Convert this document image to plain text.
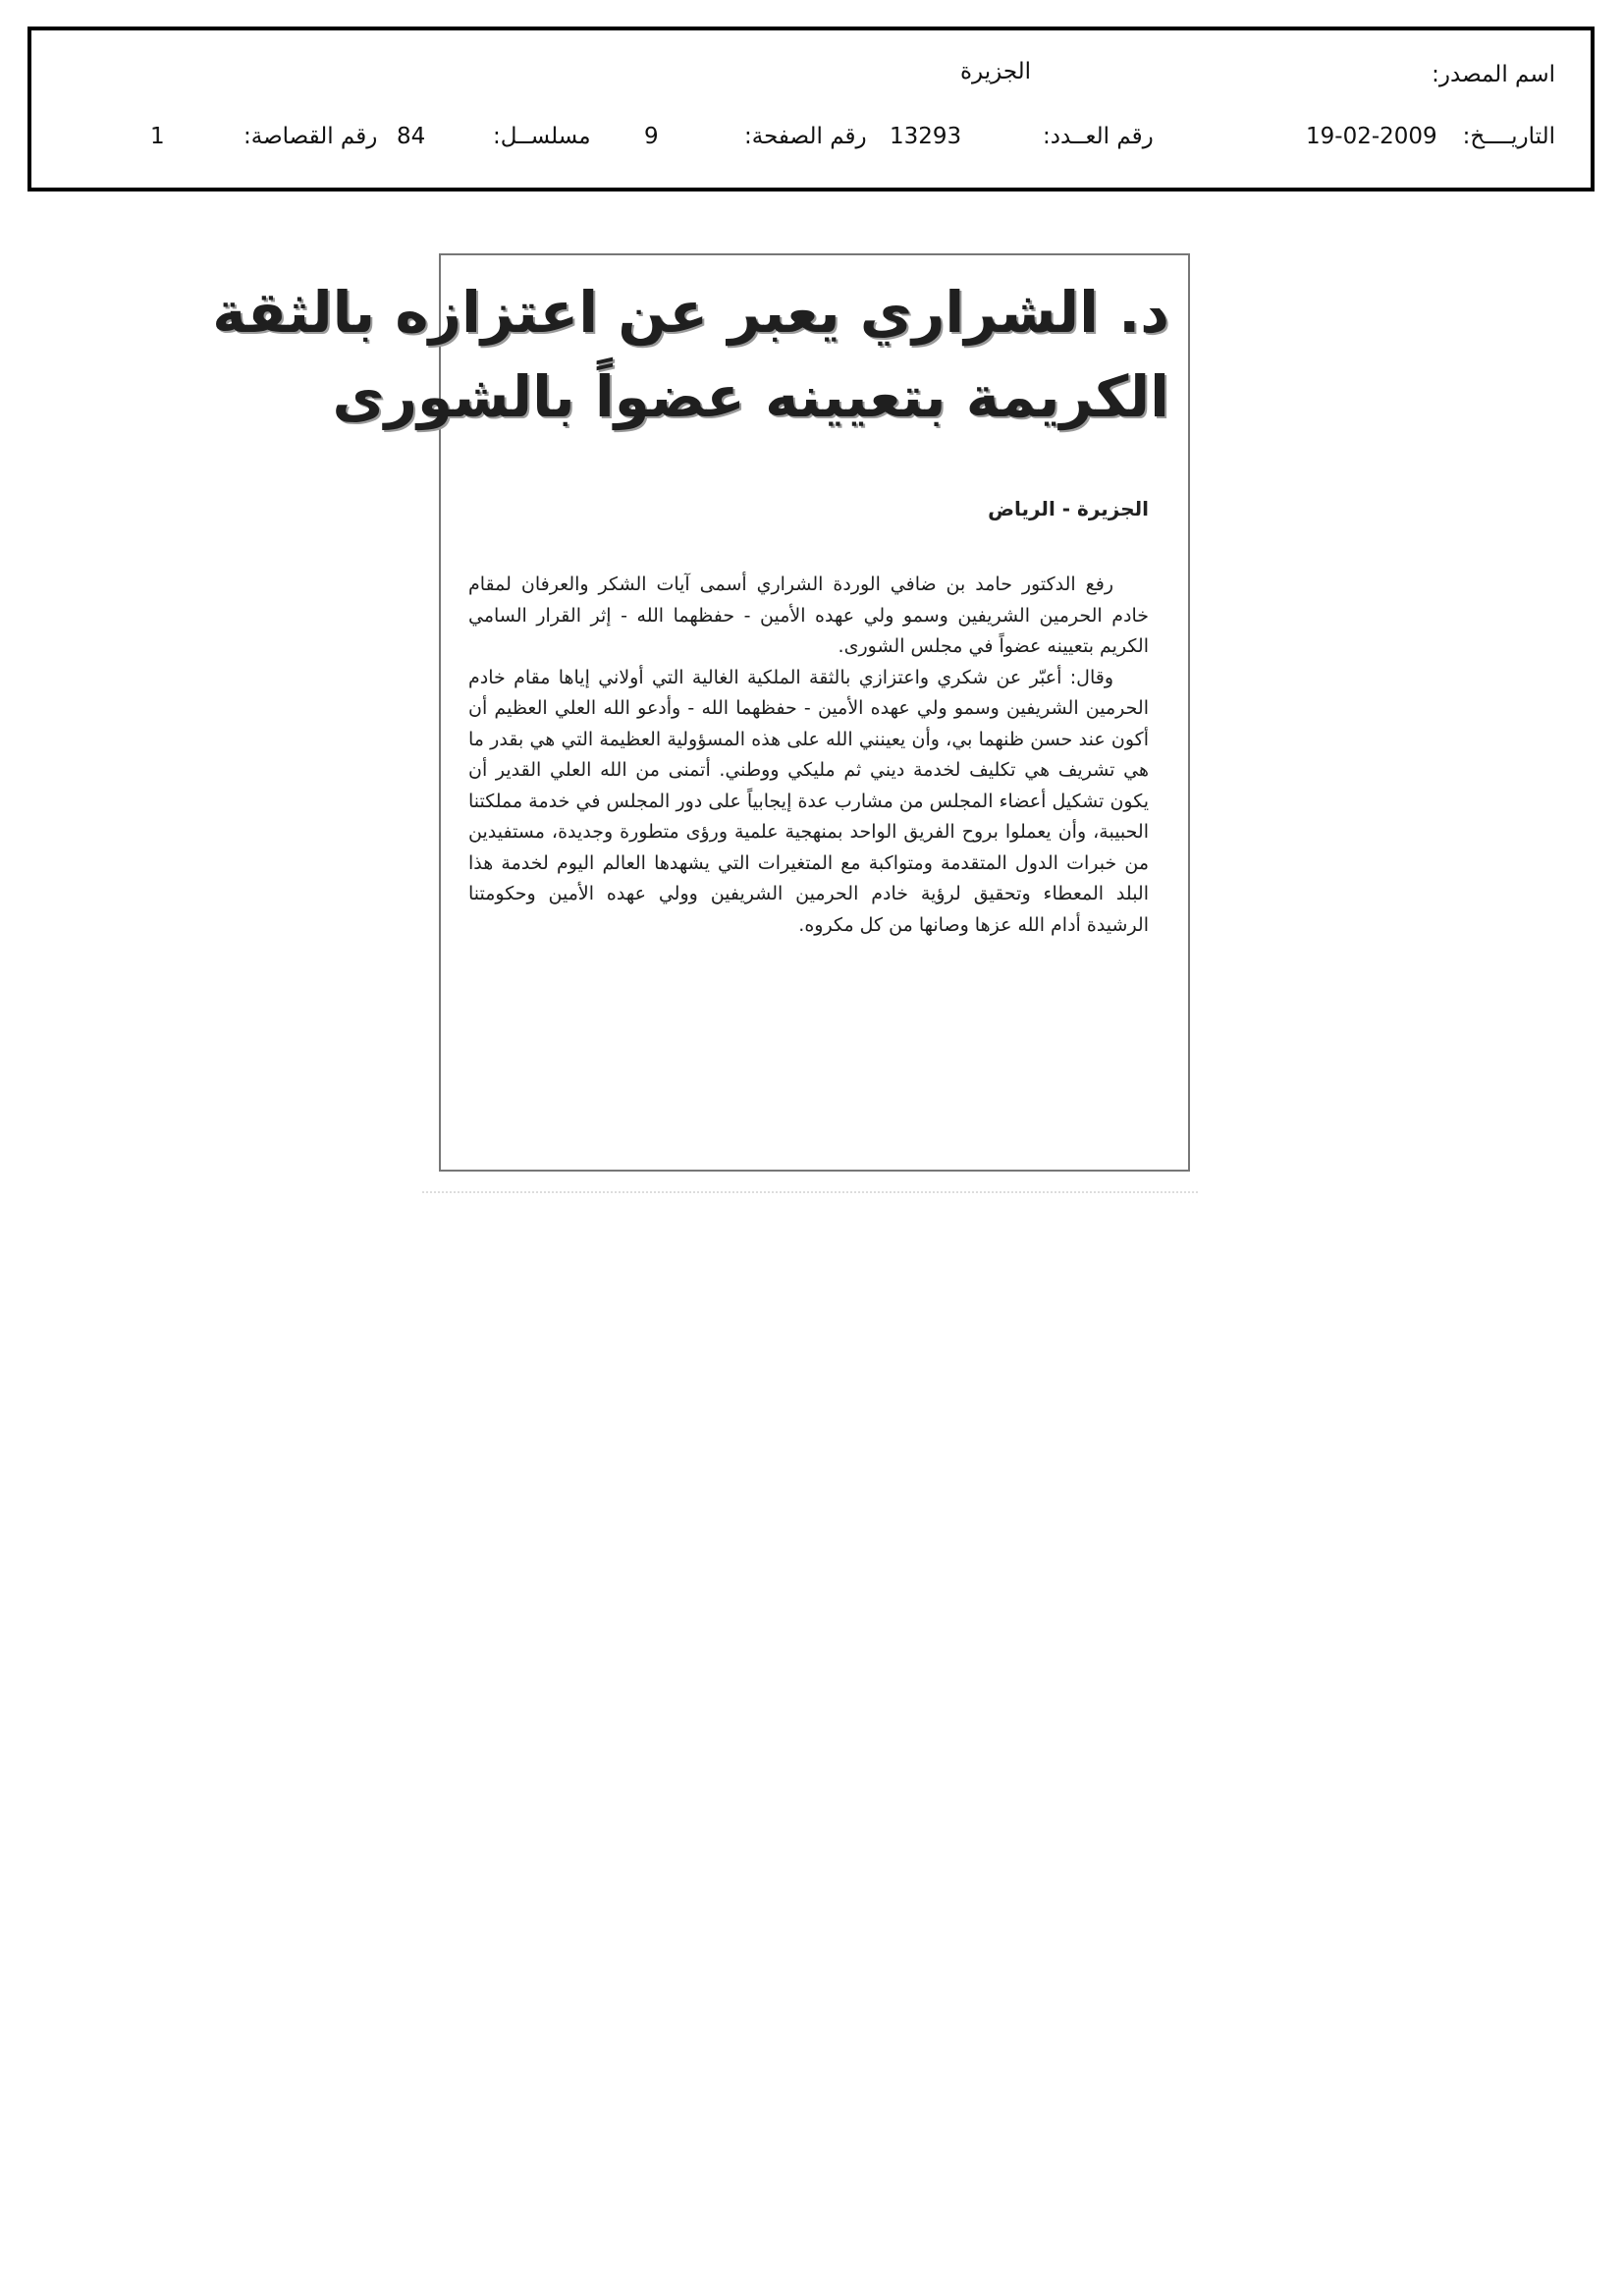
اسم المصدر:
الجزيرة
التاريــــخ:
19-02-2009
رقم العــدد:
13293
رقم الصفحة:
9
مسلســل:
84
رقم القصاصة:
1
د. الشراري يعبر عن اعتزازه بالثقة
الكريمة بتعيينه عضواً بالشورى
الجزيرة - الرياض

رفع الدكتور حامد بن ضافي الوردة الشراري أسمى آيات الشكر والعرفان لمقام خادم الحرمين الشريفين وسمو ولي عهده الأمين - حفظهما الله - إثر القرار السامي الكريم بتعيينه عضواً في مجلس الشورى.

وقال: أعبّر عن شكري واعتزازي بالثقة الملكية الغالية التي أولاني إياها مقام خادم الحرمين الشريفين وسمو ولي عهده الأمين - حفظهما الله - وأدعو الله العلي العظيم أن أكون عند حسن ظنهما بي، وأن يعينني الله على هذه المسؤولية العظيمة التي هي بقدر ما هي تشريف هي تكليف لخدمة ديني ثم مليكي ووطني. أتمنى من الله العلي القدير أن يكون تشكيل أعضاء المجلس من مشارب عدة إيجابياً على دور المجلس في خدمة مملكتنا الحبيبة، وأن يعملوا بروح الفريق الواحد بمنهجية علمية ورؤى متطورة وجديدة، مستفيدين من خبرات الدول المتقدمة ومتواكبة مع المتغيرات التي يشهدها العالم اليوم لخدمة هذا البلد المعطاء وتحقيق لرؤية خادم الحرمين الشريفين وولي عهده الأمين وحكومتنا الرشيدة أدام الله عزها وصانها من كل مكروه.
